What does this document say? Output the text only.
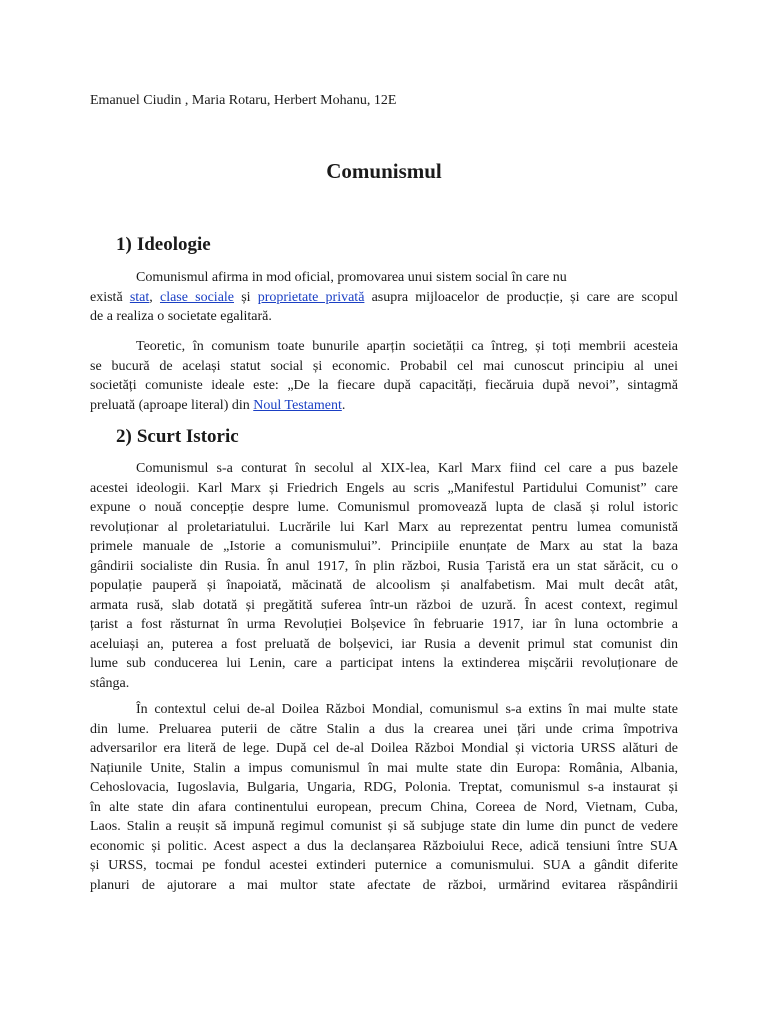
Emanuel Ciudin , Maria Rotaru, Herbert Mohanu, 12E

Comunismul
1) Ideologie
Comunismul afirma in mod oficial, promovarea unui sistem social în care nu
există stat, clase sociale și proprietate privată asupra mijloacelor de producție, și care are scopul
de a realiza o societate egalitară.
Teoretic, în comunism toate bunurile aparțin societății ca întreg, și toți membrii acesteia
se bucură de același statut social și economic. Probabil cel mai cunoscut principiu al unei
societăți comuniste ideale este: „De la fiecare după capacități, fiecăruia după nevoi”, sintagmă
preluată (aproape literal) din Noul Testament.
2) Scurt Istoric
Comunismul s-a conturat în secolul al XIX-lea, Karl Marx fiind cel care a pus bazele
acestei ideologii. Karl Marx și Friedrich Engels au scris „Manifestul Partidului Comunist” care
expune o nouă concepție despre lume. Comunismul promovează lupta de clasă și rolul istoric
revoluționar al proletariatului. Lucrările lui Karl Marx au reprezentat pentru lumea comunistă
primele manuale de „Istorie a comunismului”. Principiile enunțate de Marx au stat la baza
gândirii socialiste din Rusia. În anul 1917, în plin război, Rusia Țaristă era un stat sărăcit, cu o
populație pauperă și înapoiată, măcinată de alcoolism și analfabetism. Mai mult decât atât,
armata rusă, slab dotată și pregătită suferea într-un război de uzură. În acest context, regimul
țarist a fost răsturnat în urma Revoluției Bolșevice în februarie 1917, iar în luna octombrie a
aceluiași an, puterea a fost preluată de bolșevici, iar Rusia a devenit primul stat comunist din
lume sub conducerea lui Lenin, care a participat intens la extinderea mișcării revoluționare de
stânga.
În contextul celui de-al Doilea Război Mondial, comunismul s-a extins în mai multe state
din lume. Preluarea puterii de către Stalin a dus la crearea unei țări unde crima împotriva
adversarilor era literă de lege. După cel de-al Doilea Război Mondial și victoria URSS alături de
Națiunile Unite, Stalin a impus comunismul în mai multe state din Europa: România, Albania,
Cehoslovacia, Iugoslavia, Bulgaria, Ungaria, RDG, Polonia. Treptat, comunismul s-a instaurat și
în alte state din afara continentului european, precum China, Coreea de Nord, Vietnam, Cuba,
Laos. Stalin a reușit să impună regimul comunist și să subjuge state din lume din punct de vedere
economic și politic. Acest aspect a dus la declanșarea Războiului Rece, adică tensiuni între SUA
și URSS, tocmai pe fondul acestei extinderi puternice a comunismului. SUA a gândit diferite
planuri de ajutorare a mai multor state afectate de război, urmărind evitarea răspândirii
